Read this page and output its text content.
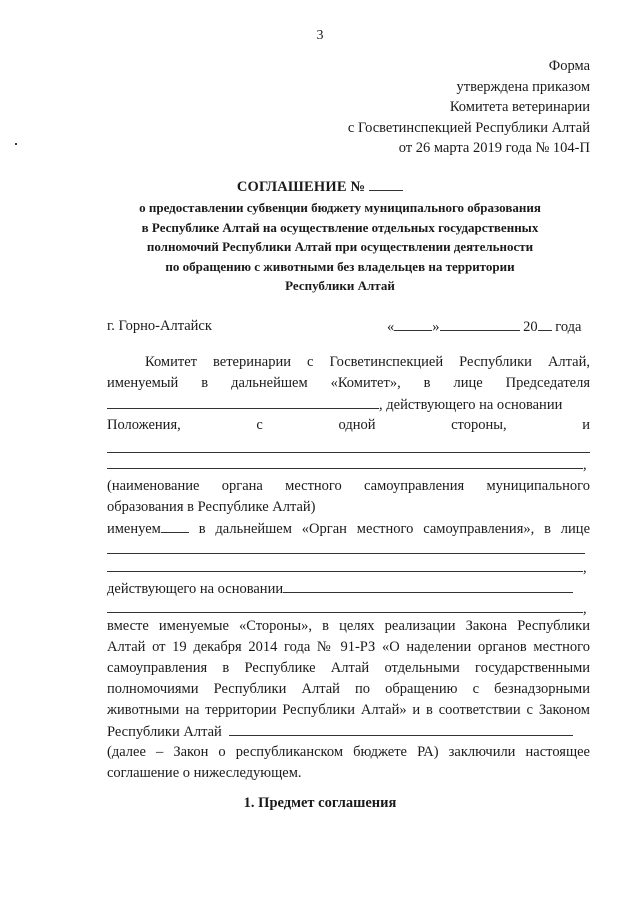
3
Форма
утверждена приказом
Комитета ветеринарии
с Госветинспекцией Республики Алтай
от 26 марта 2019 года № 104-П
СОГЛАШЕНИЕ №
о предоставлении субвенции бюджету муниципального образования
в Республике Алтай на осуществление отдельных государственных
полномочий Республики Алтай при осуществлении деятельности
по обращению с животными без владельцев на территории
Республики Алтай
г. Горно-Алтайск	«	»	20 года
Комитет ветеринарии с Госветинспекцией Республики Алтай,
именуемый в дальнейшем «Комитет», в лице Председателя
, действующего на основании
Положения, с одной стороны, и
,
(наименование органа местного самоуправления муниципального
образования в Республике Алтай)
именуем	в дальнейшем «Орган местного самоуправления», в лице
,
действующего на основании
,
вместе именуемые «Стороны», в целях реализации Закона Республики
Алтай от 19 декабря 2014 года № 91-РЗ «О наделении органов местного
самоуправления в Республике Алтай отдельными государственными
полномочиями Республики Алтай по обращению с безнадзорными
животными на территории Республики Алтай» и в соответствии с Законом
Республики Алтай
(далее – Закон о республиканском бюджете РА) заключили настоящее
соглашение о нижеследующем.
1. Предмет соглашения
